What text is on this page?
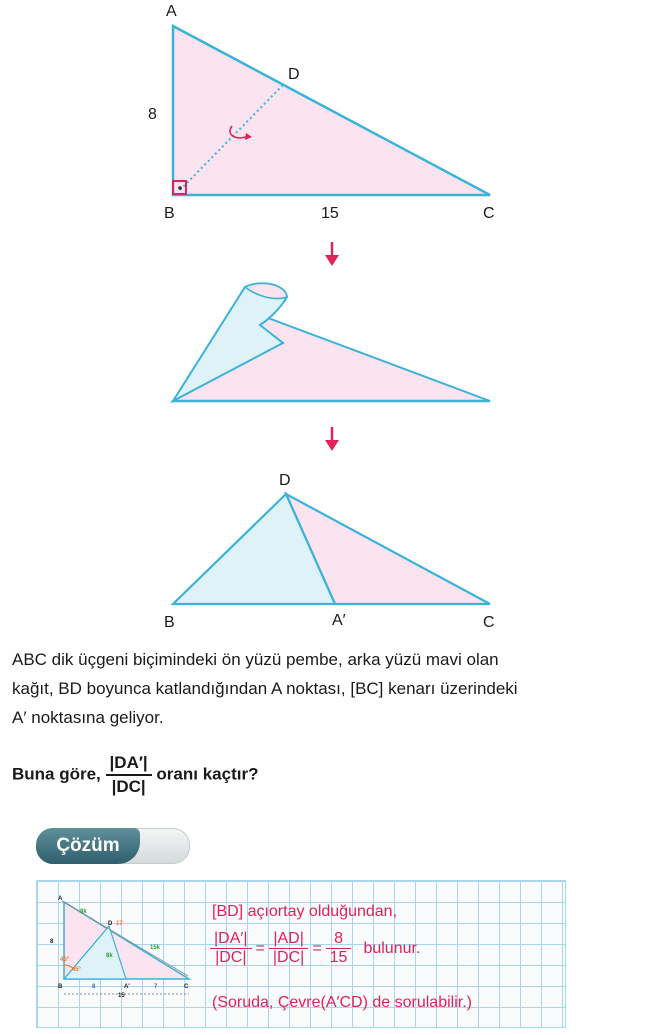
A
D
8
B	15	C
D
B	A′	C
ABC dik üçgeni biçimindeki ön yüzü pembe, arka yüzü mavi olan
kağıt, BD boyunca katlandığından A noktası, [BC] kenarı üzerindeki
A′ noktasına geliyor.
Buna göre, $\frac{|DA'|}{|DC|}$ oranı kaçtır?
Çözüm
A
8k
D 17
15k
8k
8
45°
45°
B	8	A′	7	C
15
[BD] açıortay olduğundan,
|DA′|
|DC|
=
|AD|
|DC|
=
8
15
bulunur.
(Soruda, Çevre(A′CD) de sorulabilir.)
